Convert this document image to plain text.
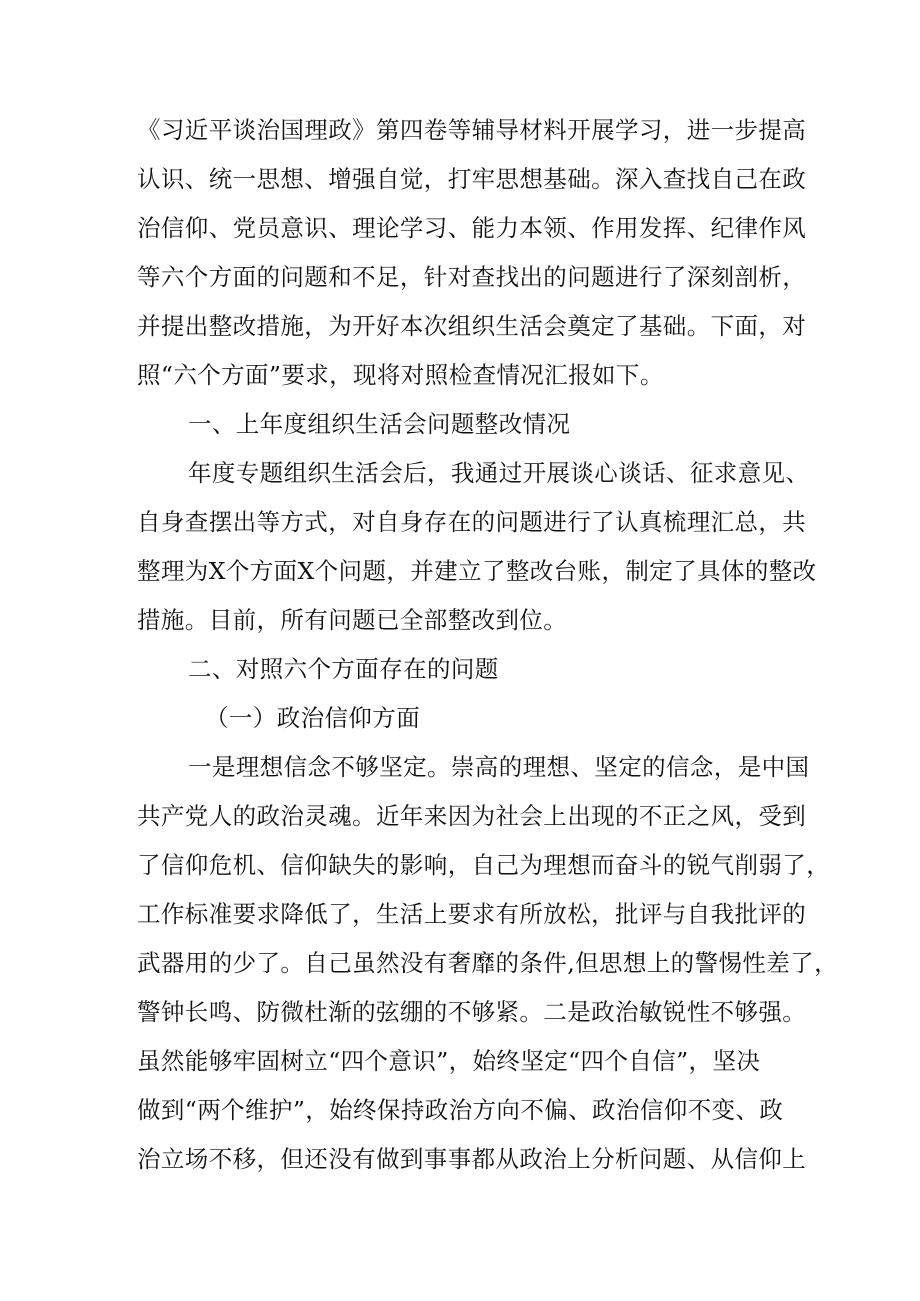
《习近平谈治国理政》第四卷等辅导材料开展学习，进一步提高
认识、统一思想、增强自觉，打牢思想基础。深入查找自己在政
治信仰、党员意识、理论学习、能力本领、作用发挥、纪律作风
等六个方面的问题和不足，针对查找出的问题进行了深刻剖析，
并提出整改措施，为开好本次组织生活会奠定了基础。下面，对
照“六个方面”要求，现将对照检查情况汇报如下。
一、上年度组织生活会问题整改情况
年度专题组织生活会后，我通过开展谈心谈话、征求意见、
自身查摆出等方式，对自身存在的问题进行了认真梳理汇总，共
整理为X个方面X个问题，并建立了整改台账，制定了具体的整改
措施。目前，所有问题已全部整改到位。
二、对照六个方面存在的问题
（一）政治信仰方面
一是理想信念不够坚定。崇高的理想、坚定的信念，是中国
共产党人的政治灵魂。近年来因为社会上出现的不正之风，受到
了信仰危机、信仰缺失的影响，自己为理想而奋斗的锐气削弱了，
工作标准要求降低了，生活上要求有所放松，批评与自我批评的
武器用的少了。自己虽然没有奢靡的条件,但思想上的警惕性差了，
警钟长鸣、防微杜渐的弦绷的不够紧。二是政治敏锐性不够强。
虽然能够牢固树立“四个意识”，始终坚定“四个自信”，坚决
做到“两个维护”，始终保持政治方向不偏、政治信仰不变、政
治立场不移，但还没有做到事事都从政治上分析问题、从信仰上
